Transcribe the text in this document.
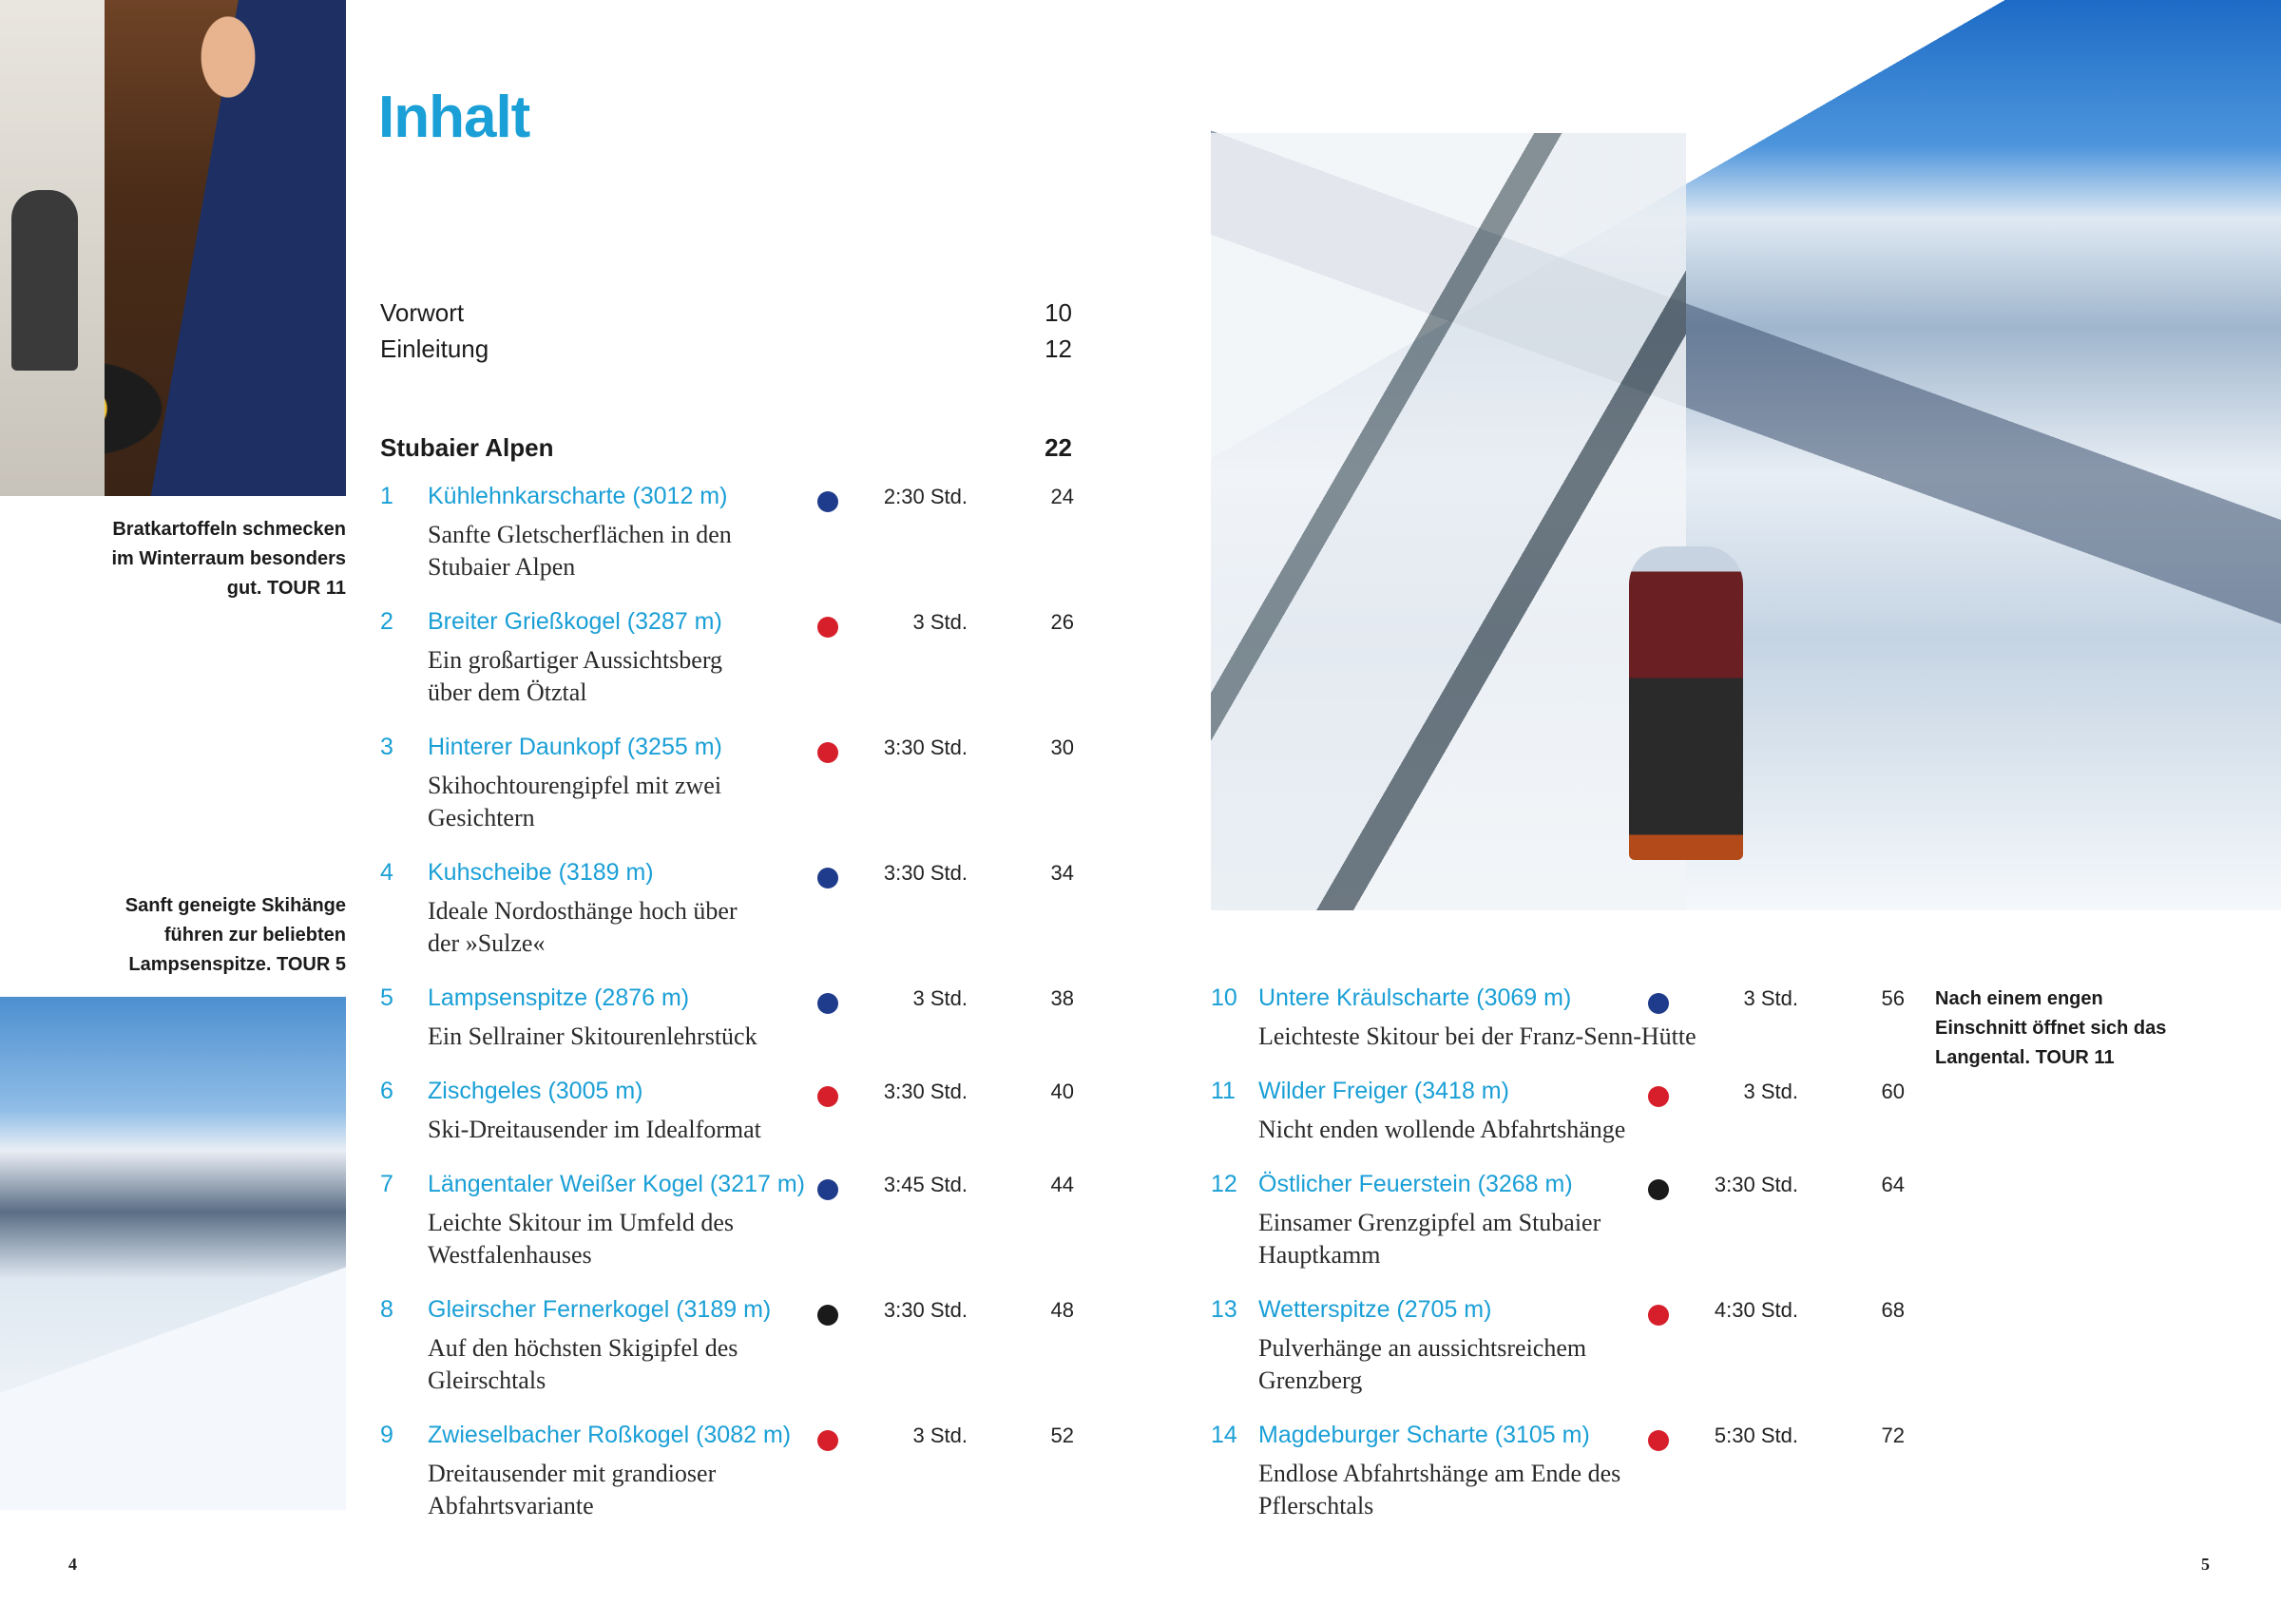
Bratkartoffeln schmecken
im Winterraum besonders
gut. TOUR 11
Sanft geneigte Skihänge
führen zur beliebten
Lampsenspitze. TOUR 5
Nach einem engen
Einschnitt öffnet sich das
Langental. TOUR 11
Inhalt
Vorwort	10
Einleitung	12
Stubaier Alpen	22
1 Kühlehnkarscharte (3012 m)	2:30 Std.	24
Sanfte Gletscherflächen in den
Stubaier Alpen
2 Breiter Grießkogel (3287 m)	3 Std.	26
Ein großartiger Aussichtsberg
über dem Ötztal
3 Hinterer Daunkopf (3255 m)	3:30 Std.	30
Skihochtourengipfel mit zwei
Gesichtern
4 Kuhscheibe (3189 m)	3:30 Std.	34
Ideale Nordosthänge hoch über
der »Sulze«
5 Lampsenspitze (2876 m)	3 Std.	38
Ein Sellrainer Skitourenlehrstück
6 Zischgeles (3005 m)	3:30 Std.	40
Ski-Dreitausender im Idealformat
7 Längentaler Weißer Kogel (3217 m)	3:45 Std.	44
Leichte Skitour im Umfeld des
Westfalenhauses
8 Gleirscher Fernerkogel (3189 m)	3:30 Std.	48
Auf den höchsten Skigipfel des
Gleirschtals
9 Zwieselbacher Roßkogel (3082 m)	3 Std.	52
Dreitausender mit grandioser
Abfahrtsvariante
10 Untere Kräulscharte (3069 m)	3 Std.	56
Leichteste Skitour bei der Franz-Senn-Hütte
11 Wilder Freiger (3418 m)	3 Std.	60
Nicht enden wollende Abfahrtshänge
12 Östlicher Feuerstein (3268 m)	3:30 Std.	64
Einsamer Grenzgipfel am Stubaier
Hauptkamm
13 Wetterspitze (2705 m)	4:30 Std.	68
Pulverhänge an aussichtsreichem
Grenzberg
14 Magdeburger Scharte (3105 m)	5:30 Std.	72
Endlose Abfahrtshänge am Ende des
Pflerschtals
4	5
